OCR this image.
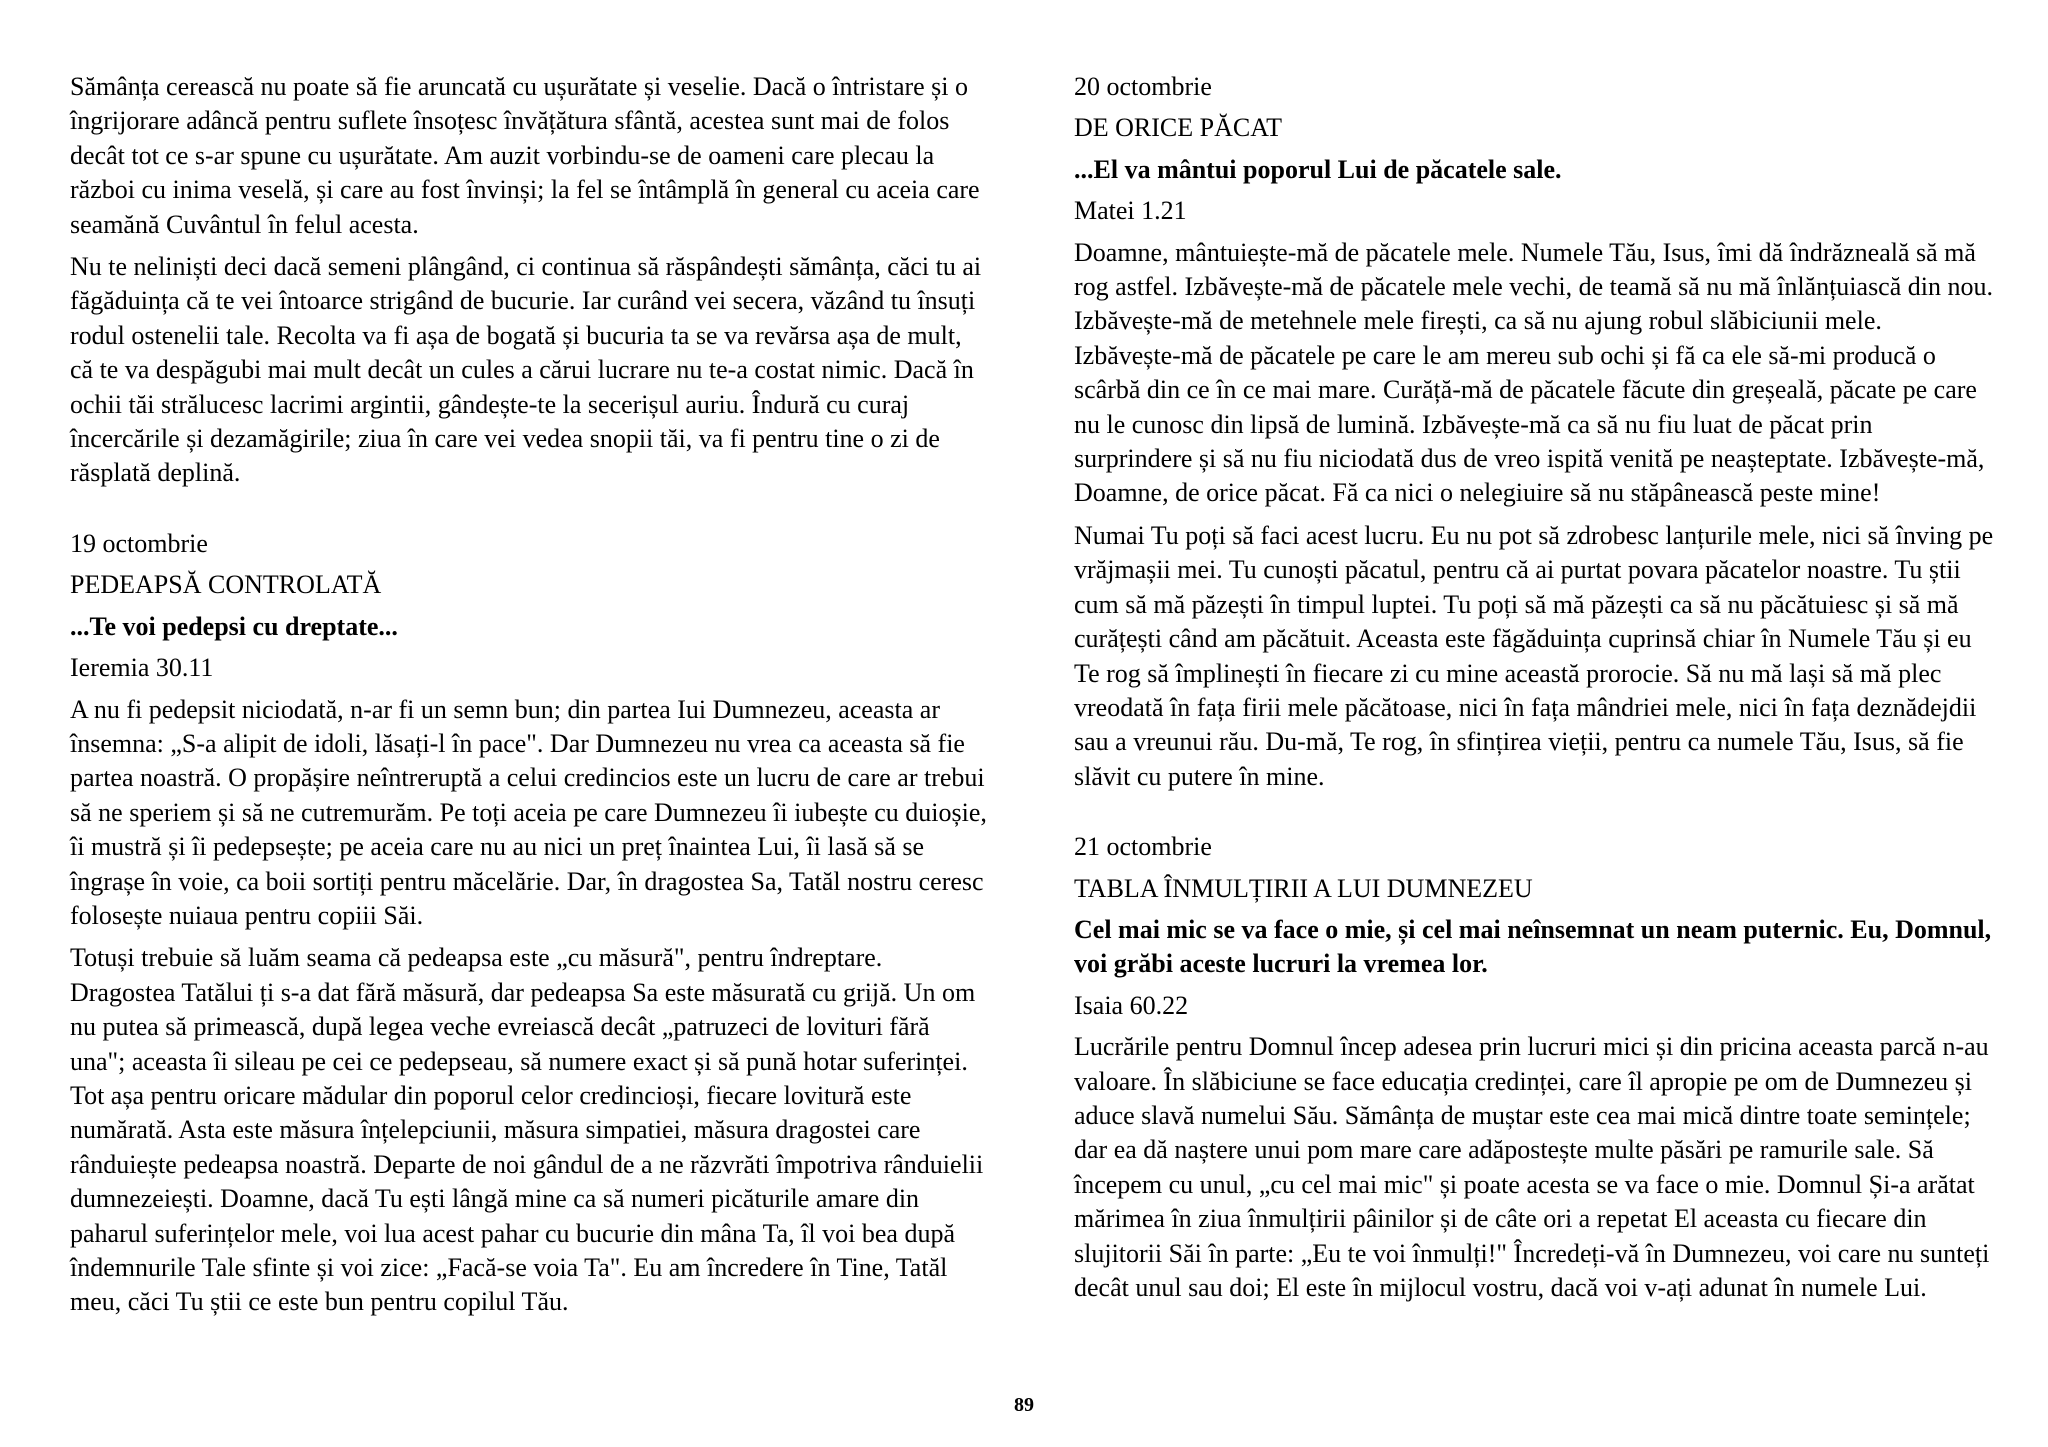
Sămânța cerească nu poate să fie aruncată cu ușurătate și veselie. Dacă o întristare și o îngrijorare adâncă pentru suflete însoțesc învățătura sfântă, acestea sunt mai de folos decât tot ce s-ar spune cu ușurătate. Am auzit vorbindu-se de oameni care plecau la război cu inima veselă, și care au fost învinși; la fel se întâmplă în general cu aceia care seamănă Cuvântul în felul acesta.

Nu te neliniști deci dacă semeni plângând, ci continua să răspândești sămânța, căci tu ai făgăduința că te vei întoarce strigând de bucurie. Iar curând vei secera, văzând tu însuți rodul ostenelii tale. Recolta va fi așa de bogată și bucuria ta se va revărsa așa de mult, că te va despăgubi mai mult decât un cules a cărui lucrare nu te-a costat nimic. Dacă în ochii tăi strălucesc lacrimi argintii, gândește-te la secerișul auriu. Îndură cu curaj încercările și dezamăgirile; ziua în care vei vedea snopii tăi, va fi pentru tine o zi de răsplată deplină.

19 octombrie
PEDEAPSĂ CONTROLATĂ
...Te voi pedepsi cu dreptate...
Ieremia 30.11

A nu fi pedepsit niciodată, n-ar fi un semn bun; din partea Iui Dumnezeu, aceasta ar însemna: „S-a alipit de idoli, lăsați-l în pace". Dar Dumnezeu nu vrea ca aceasta să fie partea noastră. O propășire neîntreruptă a celui credincios este un lucru de care ar trebui să ne speriem și să ne cutremurăm. Pe toți aceia pe care Dumnezeu îi iubește cu duioșie, îi mustră și îi pedepsește; pe aceia care nu au nici un preț înaintea Lui, îi lasă să se îngrașe în voie, ca boii sortiți pentru măcelărie. Dar, în dragostea Sa, Tatăl nostru ceresc folosește nuiaua pentru copiii Săi.

Totuși trebuie să luăm seama că pedeapsa este „cu măsură", pentru îndreptare. Dragostea Tatălui ți s-a dat fără măsură, dar pedeapsa Sa este măsurată cu grijă. Un om nu putea să primească, după legea veche evreiască decât „patruzeci de lovituri fără una"; aceasta îi sileau pe cei ce pedepseau, să numere exact și să pună hotar suferinței. Tot așa pentru oricare mădular din poporul celor credincioși, fiecare lovitură este numărată. Asta este măsura înțelepciunii, măsura simpatiei, măsura dragostei care rânduiește pedeapsa noastră. Departe de noi gândul de a ne răzvrăti împotriva rânduielii dumnezeiești. Doamne, dacă Tu ești lângă mine ca să numeri picăturile amare din paharul suferințelor mele, voi lua acest pahar cu bucurie din mâna Ta, îl voi bea după îndemnurile Tale sfinte și voi zice: „Facă-se voia Ta". Eu am încredere în Tine, Tatăl meu, căci Tu știi ce este bun pentru copilul Tău.

20 octombrie
DE ORICE PĂCAT
...El va mântui poporul Lui de păcatele sale.
Matei 1.21

Doamne, mântuiește-mă de păcatele mele. Numele Tău, Isus, îmi dă îndrăzneală să mă rog astfel. Izbăvește-mă de păcatele mele vechi, de teamă să nu mă înlănțuiască din nou. Izbăvește-mă de metehnele mele firești, ca să nu ajung robul slăbiciunii mele. Izbăvește-mă de păcatele pe care le am mereu sub ochi și fă ca ele să-mi producă o scârbă din ce în ce mai mare. Curăță-mă de păcatele făcute din greșeală, păcate pe care nu le cunosc din lipsă de lumină. Izbăvește-mă ca să nu fiu luat de păcat prin surprindere și să nu fiu niciodată dus de vreo ispită venită pe neașteptate. Izbăvește-mă, Doamne, de orice păcat. Fă ca nici o nelegiuire să nu stăpânească peste mine!

Numai Tu poți să faci acest lucru. Eu nu pot să zdrobesc lanțurile mele, nici să înving pe vrăjmașii mei. Tu cunoști păcatul, pentru că ai purtat povara păcatelor noastre. Tu știi cum să mă păzești în timpul luptei. Tu poți să mă păzești ca să nu păcătuiesc și să mă curățești când am păcătuit. Aceasta este făgăduința cuprinsă chiar în Numele Tău și eu Te rog să împlinești în fiecare zi cu mine această prorocie. Să nu mă lași să mă plec vreodată în fața firii mele păcătoase, nici în fața mândriei mele, nici în fața deznădejdii sau a vreunui rău. Du-mă, Te rog, în sfințirea vieții, pentru ca numele Tău, Isus, să fie slăvit cu putere în mine.

21 octombrie
TABLA ÎNMULȚIRII A LUI DUMNEZEU
Cel mai mic se va face o mie, și cel mai neînsemnat un neam puternic. Eu, Domnul, voi grăbi aceste lucruri la vremea lor.
Isaia 60.22

Lucrările pentru Domnul încep adesea prin lucruri mici și din pricina aceasta parcă n-au valoare. În slăbiciune se face educația credinței, care îl apropie pe om de Dumnezeu și aduce slavă numelui Său. Sămânța de muștar este cea mai mică dintre toate semințele; dar ea dă naștere unui pom mare care adăpostește multe păsări pe ramurile sale. Să începem cu unul, „cu cel mai mic" și poate acesta se va face o mie. Domnul Și-a arătat mărimea în ziua înmulțirii pâinilor și de câte ori a repetat El aceasta cu fiecare din slujitorii Săi în parte: „Eu te voi înmulți!" Încredeți-vă în Dumnezeu, voi care nu sunteți decât unul sau doi; El este în mijlocul vostru, dacă voi v-ați adunat în numele Lui.

89
